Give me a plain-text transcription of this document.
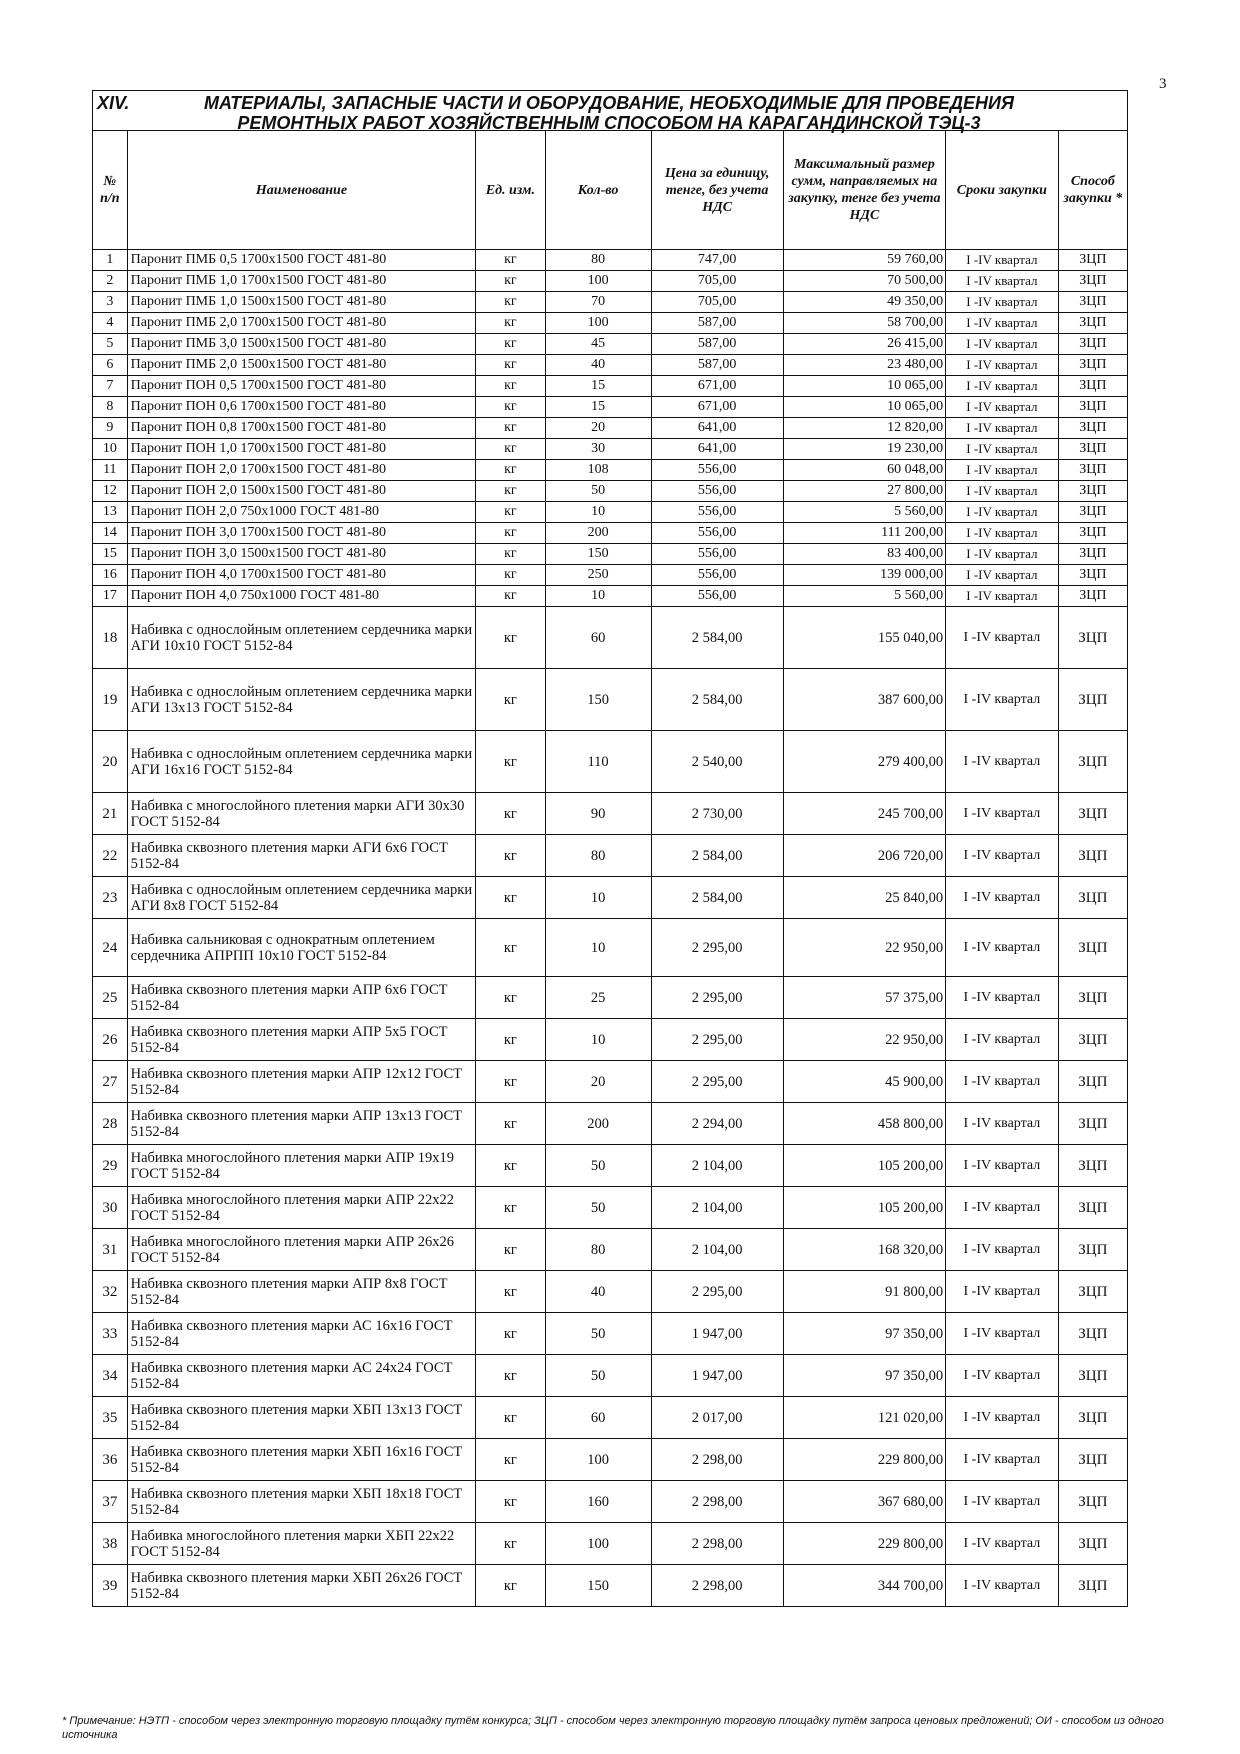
3
XIV.	МАТЕРИАЛЫ, ЗАПАСНЫЕ ЧАСТИ И ОБОРУДОВАНИЕ, НЕОБХОДИМЫЕ ДЛЯ ПРОВЕДЕНИЯ РЕМОНТНЫХ РАБОТ ХОЗЯЙСТВЕННЫМ СПОСОБОМ НА КАРАГАНДИНСКОЙ ТЭЦ-3
№ п/п	Наименование	Ед. изм.	Кол-во	Цена за единицу, тенге, без учета НДС	Максимальный размер сумм, направляемых на закупку, тенге без учета НДС	Сроки закупки	Способ закупки *
1	Паронит ПМБ 0,5 1700х1500 ГОСТ 481-80	кг	80	747,00	59 760,00	I -IV квартал	ЗЦП
2	Паронит ПМБ 1,0 1700х1500 ГОСТ 481-80	кг	100	705,00	70 500,00	I -IV квартал	ЗЦП
3	Паронит ПМБ 1,0 1500х1500 ГОСТ 481-80	кг	70	705,00	49 350,00	I -IV квартал	ЗЦП
4	Паронит ПМБ 2,0 1700х1500 ГОСТ 481-80	кг	100	587,00	58 700,00	I -IV квартал	ЗЦП
5	Паронит ПМБ 3,0 1500х1500 ГОСТ 481-80	кг	45	587,00	26 415,00	I -IV квартал	ЗЦП
6	Паронит ПМБ 2,0 1500х1500 ГОСТ 481-80	кг	40	587,00	23 480,00	I -IV квартал	ЗЦП
7	Паронит ПОН 0,5 1700х1500 ГОСТ 481-80	кг	15	671,00	10 065,00	I -IV квартал	ЗЦП
8	Паронит ПОН 0,6 1700х1500 ГОСТ 481-80	кг	15	671,00	10 065,00	I -IV квартал	ЗЦП
9	Паронит ПОН 0,8 1700х1500 ГОСТ 481-80	кг	20	641,00	12 820,00	I -IV квартал	ЗЦП
10	Паронит ПОН 1,0 1700х1500 ГОСТ 481-80	кг	30	641,00	19 230,00	I -IV квартал	ЗЦП
11	Паронит ПОН 2,0 1700х1500 ГОСТ 481-80	кг	108	556,00	60 048,00	I -IV квартал	ЗЦП
12	Паронит ПОН 2,0 1500х1500 ГОСТ 481-80	кг	50	556,00	27 800,00	I -IV квартал	ЗЦП
13	Паронит ПОН 2,0 750х1000 ГОСТ 481-80	кг	10	556,00	5 560,00	I -IV квартал	ЗЦП
14	Паронит ПОН 3,0 1700х1500 ГОСТ 481-80	кг	200	556,00	111 200,00	I -IV квартал	ЗЦП
15	Паронит ПОН 3,0 1500х1500 ГОСТ 481-80	кг	150	556,00	83 400,00	I -IV квартал	ЗЦП
16	Паронит ПОН 4,0 1700х1500 ГОСТ 481-80	кг	250	556,00	139 000,00	I -IV квартал	ЗЦП
17	Паронит ПОН 4,0 750х1000 ГОСТ 481-80	кг	10	556,00	5 560,00	I -IV квартал	ЗЦП
18	Набивка с однослойным оплетением сердечника марки АГИ 10х10 ГОСТ 5152-84	кг	60	2 584,00	155 040,00	I -IV квартал	ЗЦП
19	Набивка с однослойным оплетением сердечника марки АГИ 13х13 ГОСТ 5152-84	кг	150	2 584,00	387 600,00	I -IV квартал	ЗЦП
20	Набивка с однослойным оплетением сердечника марки АГИ 16х16 ГОСТ 5152-84	кг	110	2 540,00	279 400,00	I -IV квартал	ЗЦП
21	Набивка с многослойного плетения марки АГИ 30х30 ГОСТ 5152-84	кг	90	2 730,00	245 700,00	I -IV квартал	ЗЦП
22	Набивка сквозного плетения марки АГИ 6х6 ГОСТ 5152-84	кг	80	2 584,00	206 720,00	I -IV квартал	ЗЦП
23	Набивка с однослойным оплетением сердечника марки АГИ 8х8 ГОСТ 5152-84	кг	10	2 584,00	25 840,00	I -IV квартал	ЗЦП
24	Набивка сальниковая с однократным оплетением сердечника АПРПП 10х10 ГОСТ 5152-84	кг	10	2 295,00	22 950,00	I -IV квартал	ЗЦП
25	Набивка сквозного плетения марки АПР 6х6 ГОСТ 5152-84	кг	25	2 295,00	57 375,00	I -IV квартал	ЗЦП
26	Набивка сквозного плетения марки АПР 5х5 ГОСТ 5152-84	кг	10	2 295,00	22 950,00	I -IV квартал	ЗЦП
27	Набивка сквозного плетения марки АПР 12х12 ГОСТ 5152-84	кг	20	2 295,00	45 900,00	I -IV квартал	ЗЦП
28	Набивка сквозного плетения марки АПР 13х13 ГОСТ 5152-84	кг	200	2 294,00	458 800,00	I -IV квартал	ЗЦП
29	Набивка многослойного плетения марки АПР 19х19 ГОСТ 5152-84	кг	50	2 104,00	105 200,00	I -IV квартал	ЗЦП
30	Набивка многослойного плетения марки АПР 22х22 ГОСТ 5152-84	кг	50	2 104,00	105 200,00	I -IV квартал	ЗЦП
31	Набивка многослойного плетения марки АПР 26х26 ГОСТ 5152-84	кг	80	2 104,00	168 320,00	I -IV квартал	ЗЦП
32	Набивка сквозного плетения марки АПР 8х8 ГОСТ 5152-84	кг	40	2 295,00	91 800,00	I -IV квартал	ЗЦП
33	Набивка сквозного плетения марки АС 16х16 ГОСТ 5152-84	кг	50	1 947,00	97 350,00	I -IV квартал	ЗЦП
34	Набивка сквозного плетения марки АС 24х24 ГОСТ 5152-84	кг	50	1 947,00	97 350,00	I -IV квартал	ЗЦП
35	Набивка сквозного плетения марки ХБП 13х13 ГОСТ 5152-84	кг	60	2 017,00	121 020,00	I -IV квартал	ЗЦП
36	Набивка сквозного плетения марки ХБП 16х16 ГОСТ 5152-84	кг	100	2 298,00	229 800,00	I -IV квартал	ЗЦП
37	Набивка сквозного плетения марки ХБП 18х18 ГОСТ 5152-84	кг	160	2 298,00	367 680,00	I -IV квартал	ЗЦП
38	Набивка многослойного плетения марки ХБП 22х22 ГОСТ 5152-84	кг	100	2 298,00	229 800,00	I -IV квартал	ЗЦП
39	Набивка сквозного плетения марки ХБП 26х26 ГОСТ 5152-84	кг	150	2 298,00	344 700,00	I -IV квартал	ЗЦП
* Примечание: НЭТП - способом через электронную торговую площадку путём конкурса; ЗЦП - способом через электронную торговую площадку путём запроса ценовых предложений; ОИ - способом из одного источника
